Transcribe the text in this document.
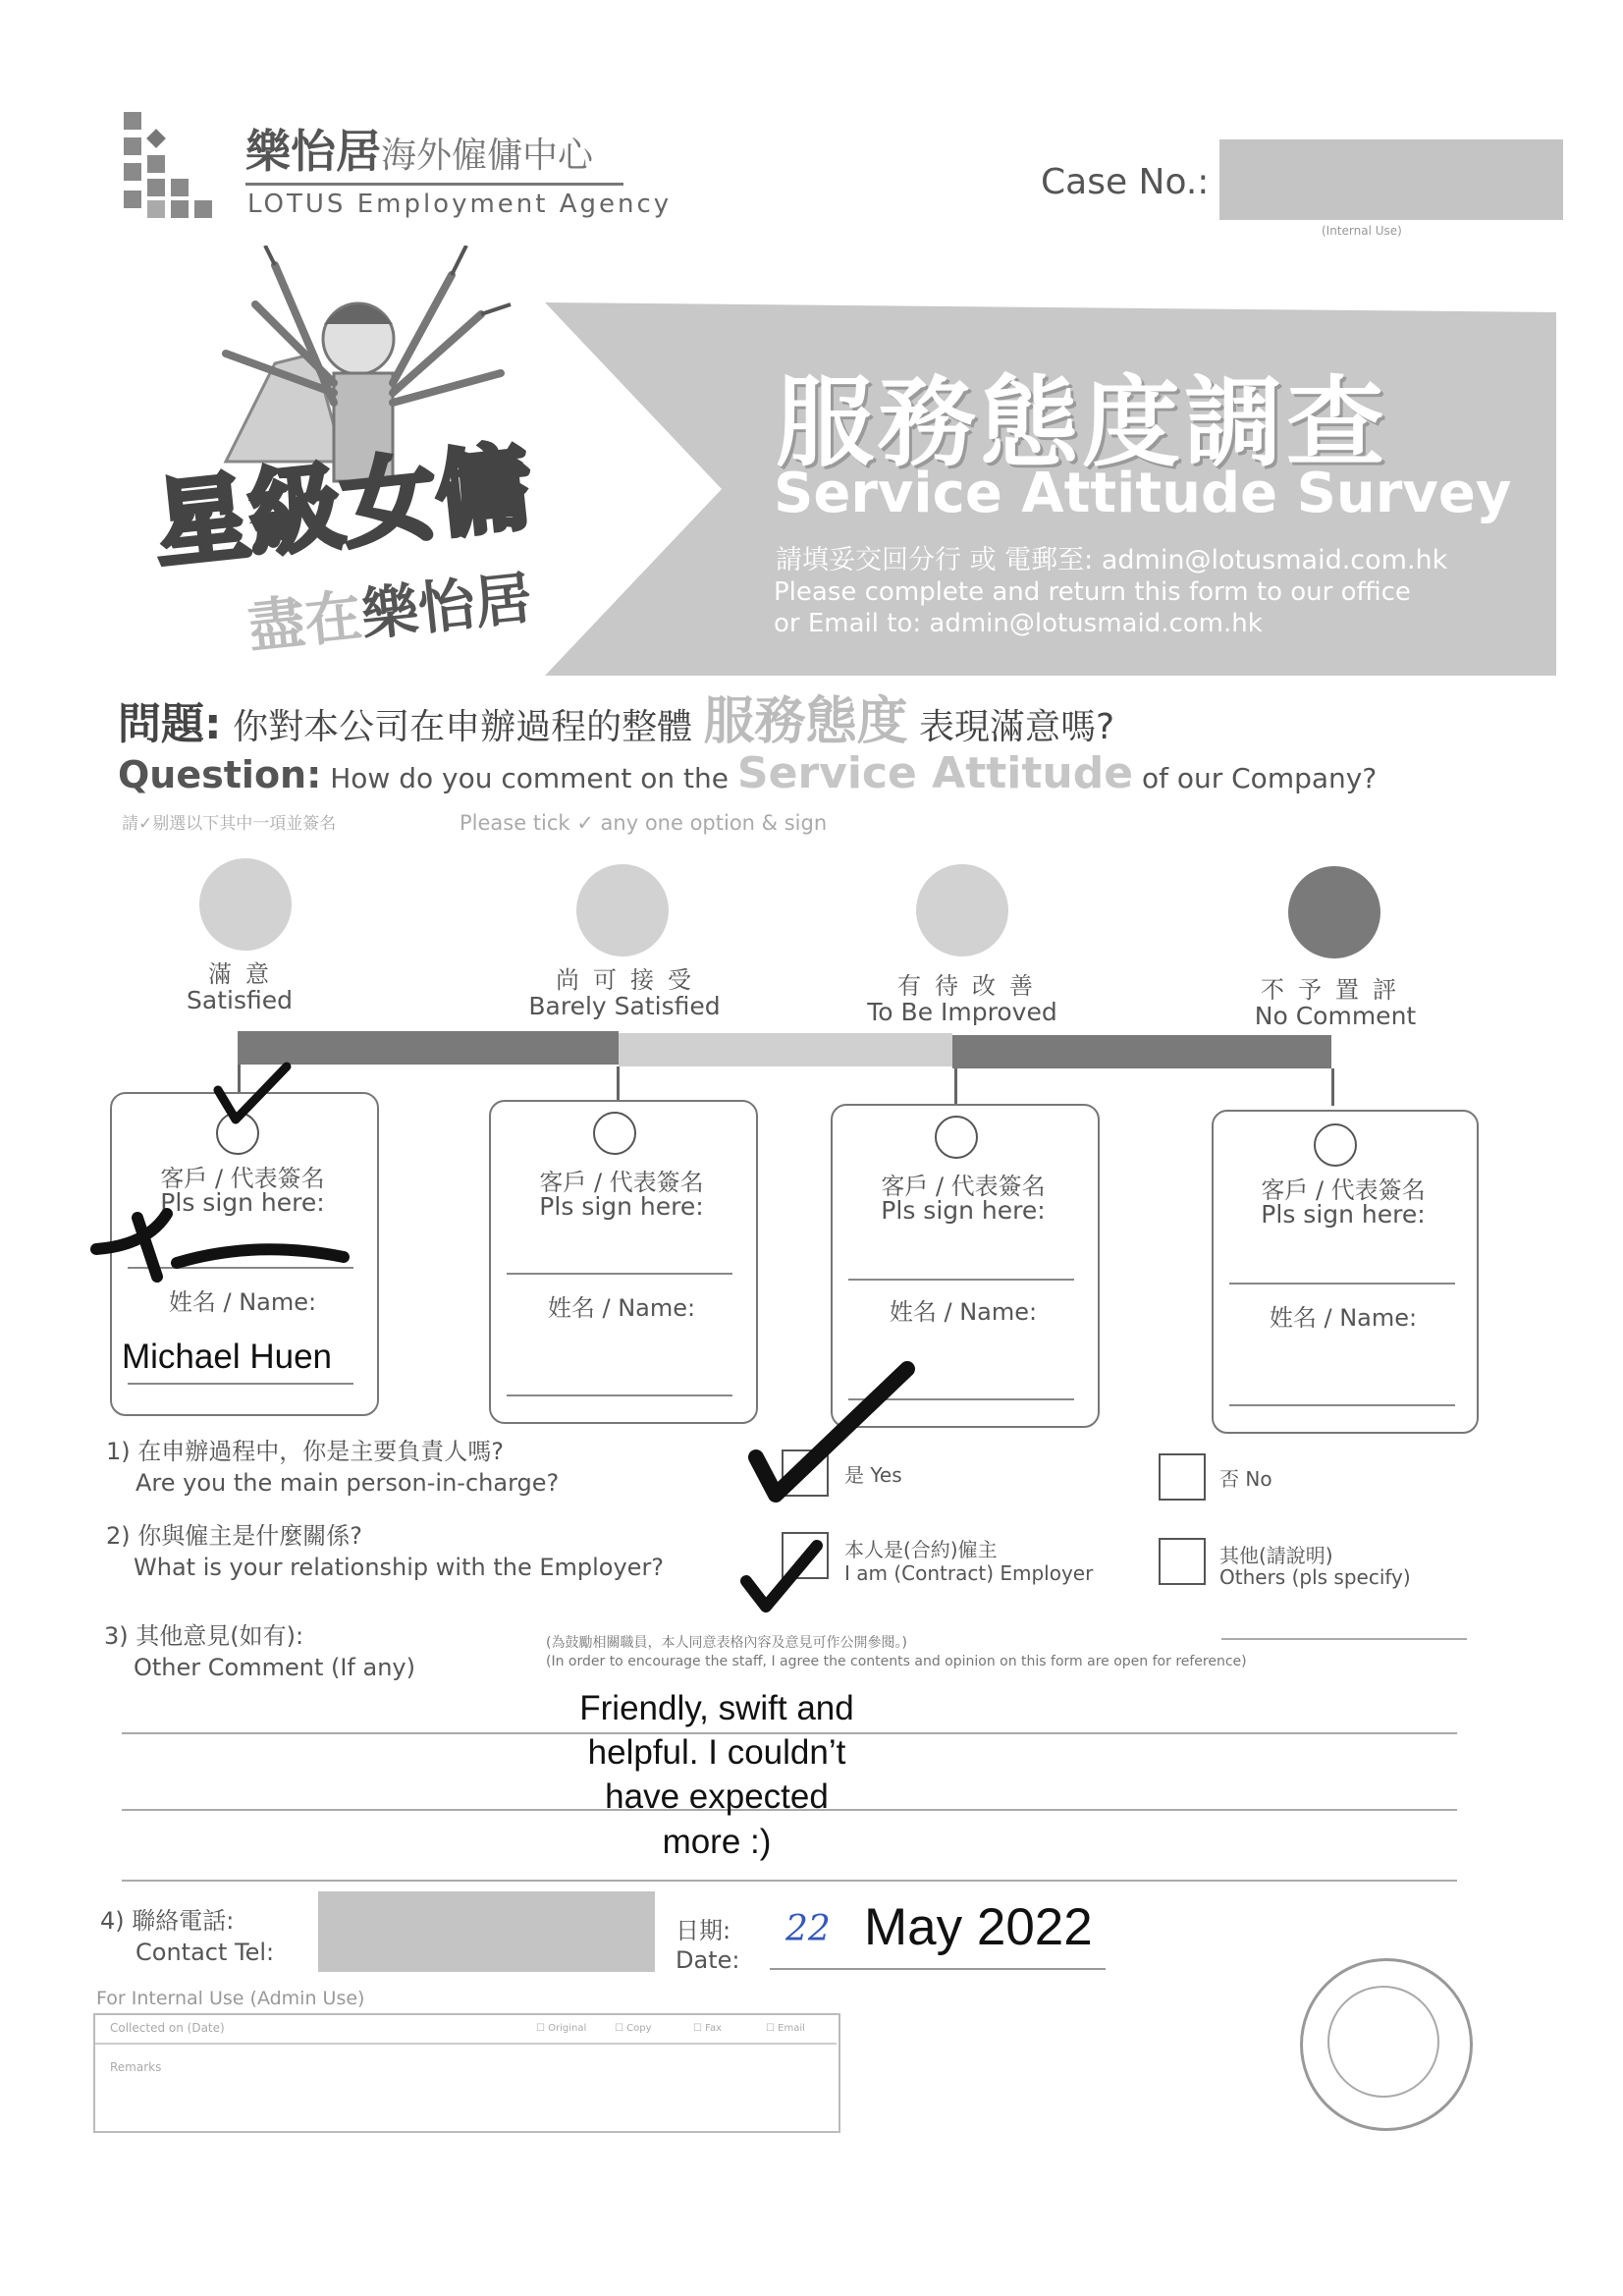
樂怡居海外僱傭中心
LOTUS Employment Agency
Case No.:
(Internal Use)
服務態度調查
Service Attitude Survey
請填妥交回分行 或 電郵至: admin@lotusmaid.com.hk
Please complete and return this form to our office
or Email to: admin@lotusmaid.com.hk
星級女傭
盡在樂怡居
問題: 你對本公司在申辦過程的整體 服務態度 表現滿意嗎?
Question: How do you comment on the Service Attitude of our Company?
請✓剔選以下其中一項並簽名	Please tick ✓ any one option & sign
滿意
Satisfied
尚可接受
Barely Satisfied
有待改善
To Be Improved
不予置評
No Comment
客戶 / 代表簽名
Pls sign here:
姓名 / Name:
Michael Huen
客戶 / 代表簽名
Pls sign here:
姓名 / Name:
客戶 / 代表簽名
Pls sign here:
姓名 / Name:
客戶 / 代表簽名
Pls sign here:
姓名 / Name:
1) 在申辦過程中，你是主要負責人嗎?
Are you the main person-in-charge?	是 Yes	否 No
2) 你與僱主是什麼關係?
What is your relationship with the Employer?
本人是(合約)僱主
I am (Contract) Employer
其他(請說明)
Others (pls specify)
3) 其他意見(如有):
Other Comment (If any)
(為鼓勵相關職員，本人同意表格內容及意見可作公開參閱。)
(In order to encourage the staff, I agree the contents and opinion on this form are open for reference)
Friendly, swift and
helpful. I couldn’t
have expected
more :)
4) 聯絡電話:
Contact Tel:
日期:
Date:
22 May 2022
For Internal Use (Admin Use)
Collected on (Date)	☐ Original	☐ Copy	☐ Fax	☐ Email
Remarks
